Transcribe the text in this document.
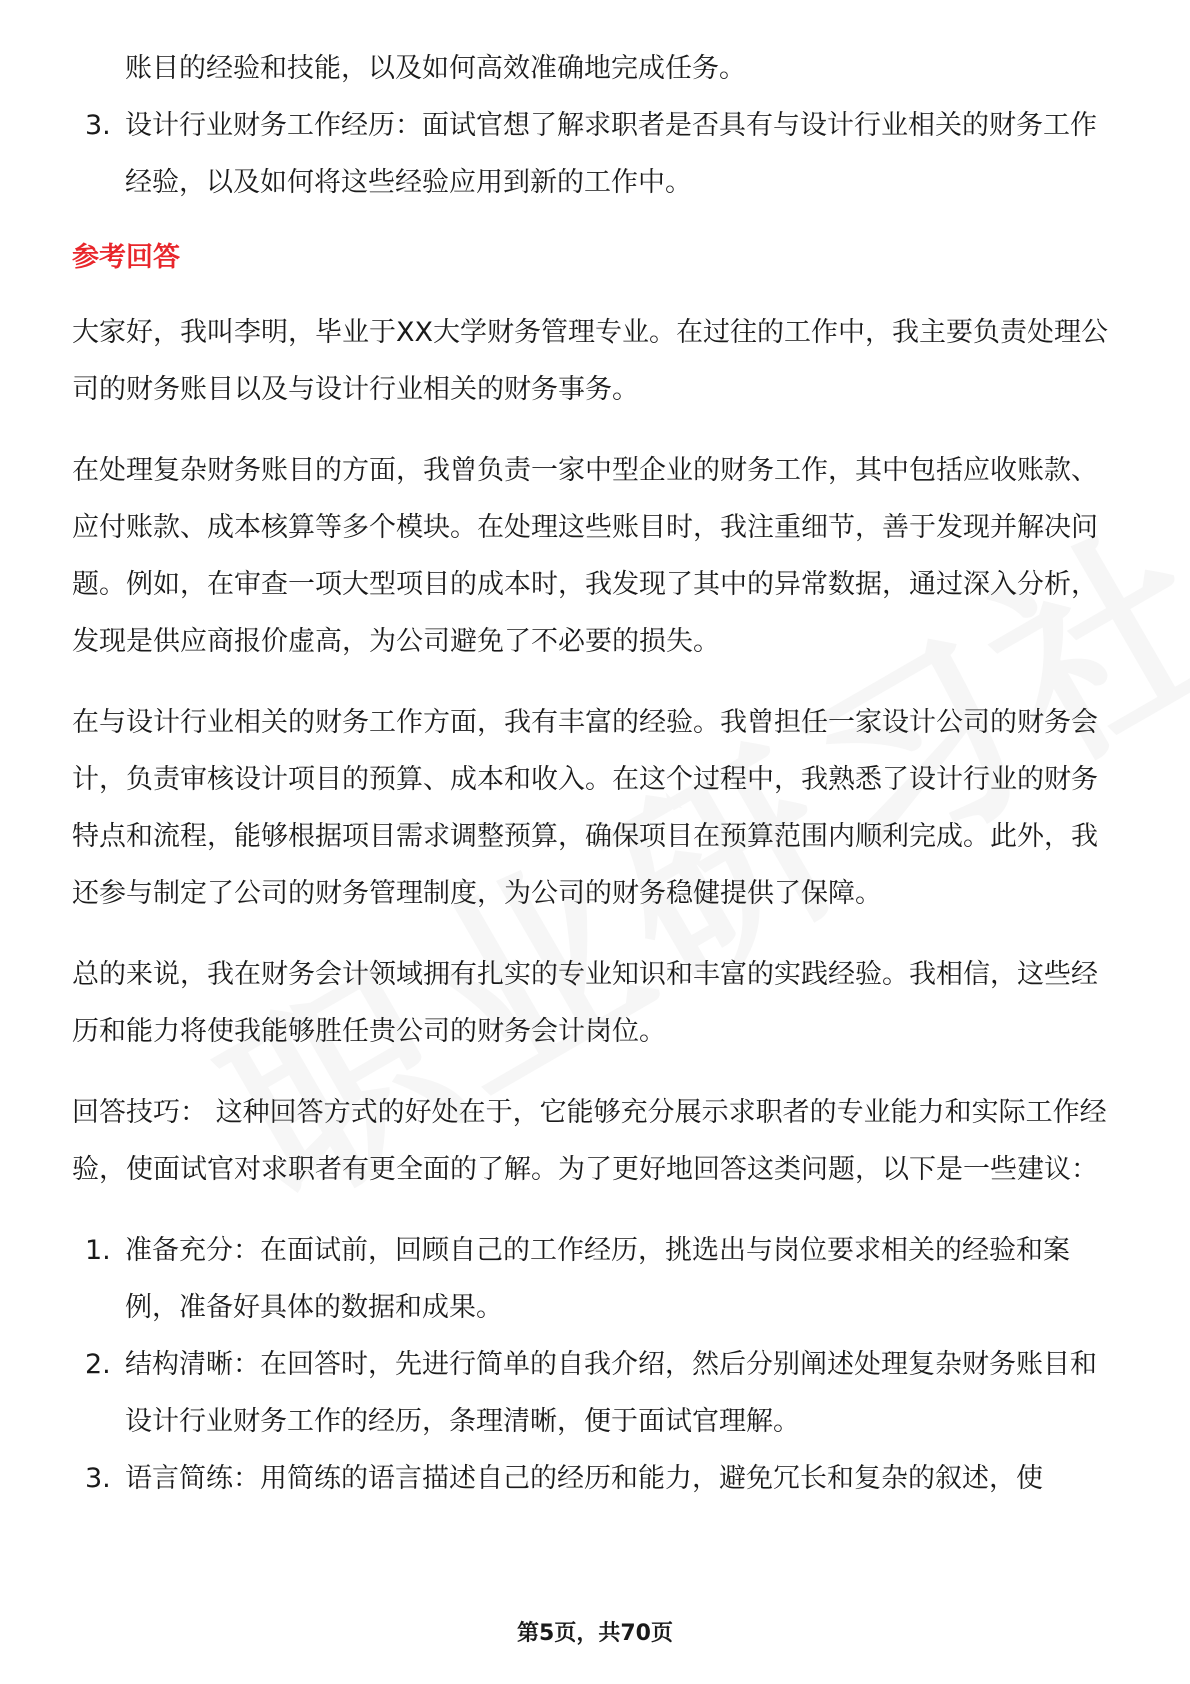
账目的经验和技能，以及如何高效准确地完成任务。

3. 设计行业财务工作经历：面试官想了解求职者是否具有与设计行业相关的财务工作经验，以及如何将这些经验应用到新的工作中。
参考回答

大家好，我叫李明，毕业于XX大学财务管理专业。在过往的工作中，我主要负责处理公司的财务账目以及与设计行业相关的财务事务。

在处理复杂财务账目的方面，我曾负责一家中型企业的财务工作，其中包括应收账款、应付账款、成本核算等多个模块。在处理这些账目时，我注重细节，善于发现并解决问题。例如，在审查一项大型项目的成本时，我发现了其中的异常数据，通过深入分析，发现是供应商报价虚高，为公司避免了不必要的损失。

在与设计行业相关的财务工作方面，我有丰富的经验。我曾担任一家设计公司的财务会计，负责审核设计项目的预算、成本和收入。在这个过程中，我熟悉了设计行业的财务特点和流程，能够根据项目需求调整预算，确保项目在预算范围内顺利完成。此外，我还参与制定了公司的财务管理制度，为公司的财务稳健提供了保障。

总的来说，我在财务会计领域拥有扎实的专业知识和丰富的实践经验。我相信，这些经历和能力将使我能够胜任贵公司的财务会计岗位。

回答技巧： 这种回答方式的好处在于，它能够充分展示求职者的专业能力和实际工作经验，使面试官对求职者有更全面的了解。为了更好地回答这类问题，以下是一些建议：

1. 准备充分：在面试前，回顾自己的工作经历，挑选出与岗位要求相关的经验和案例，准备好具体的数据和成果。
2. 结构清晰：在回答时，先进行简单的自我介绍，然后分别阐述处理复杂财务账目和设计行业财务工作的经历，条理清晰，便于面试官理解。
3. 语言简练：用简练的语言描述自己的经历和能力，避免冗长和复杂的叙述，使
第5页，共70页
